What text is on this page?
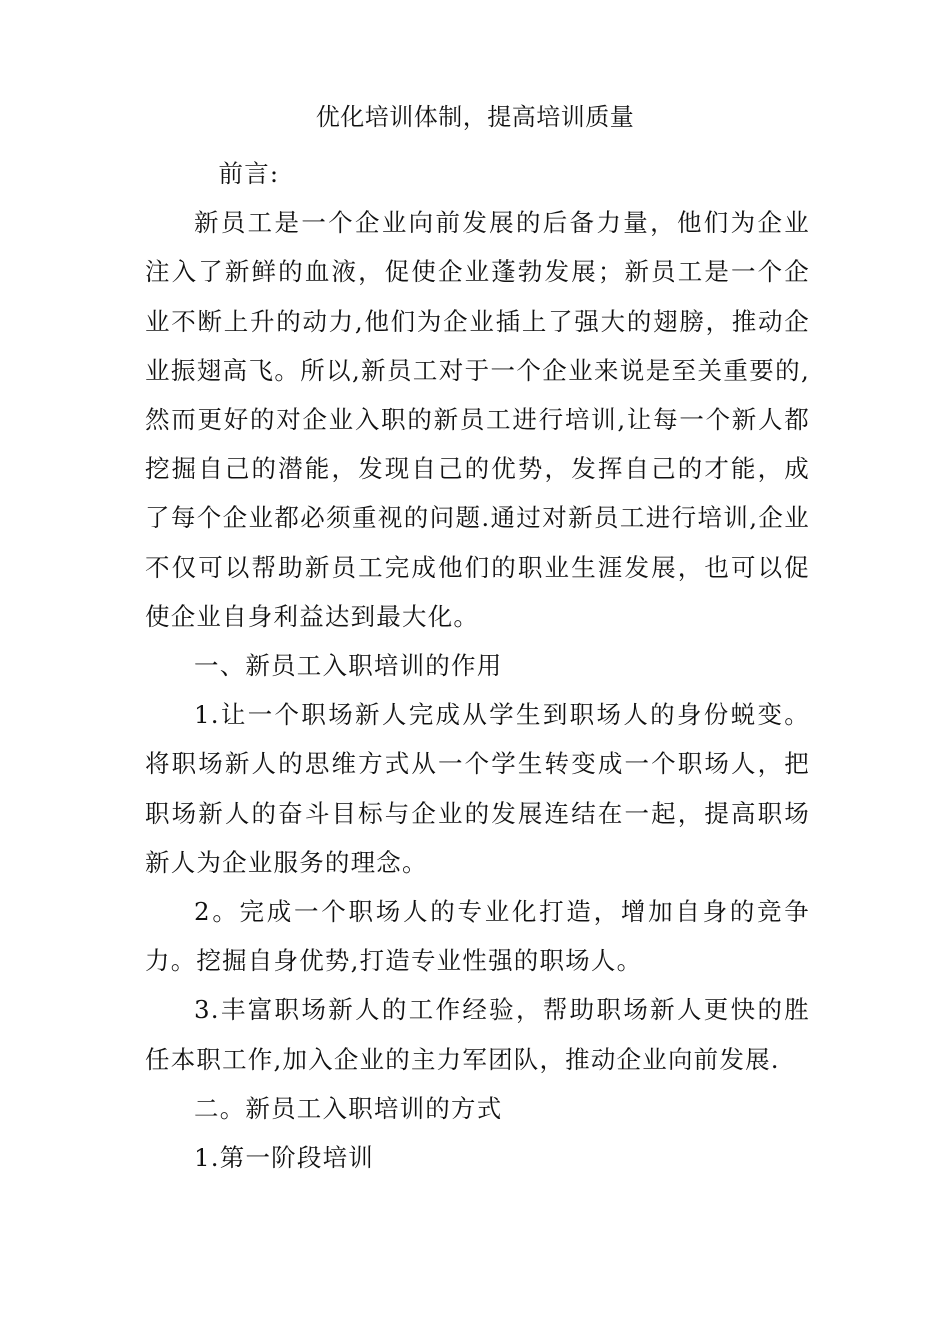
优化培训体制，提高培训质量

前言:

新员工是一个企业向前发展的后备力量，他们为企业注入了新鲜的血液，促使企业蓬勃发展；新员工是一个企业不断上升的动力,他们为企业插上了强大的翅膀，推动企业振翅高飞。所以,新员工对于一个企业来说是至关重要的,然而更好的对企业入职的新员工进行培训,让每一个新人都挖掘自己的潜能，发现自己的优势，发挥自己的才能，成了每个企业都必须重视的问题.通过对新员工进行培训,企业不仅可以帮助新员工完成他们的职业生涯发展，也可以促使企业自身利益达到最大化。

一、新员工入职培训的作用

1.让一个职场新人完成从学生到职场人的身份蜕变。将职场新人的思维方式从一个学生转变成一个职场人，把职场新人的奋斗目标与企业的发展连结在一起，提高职场新人为企业服务的理念。

2。完成一个职场人的专业化打造，增加自身的竞争力。挖掘自身优势,打造专业性强的职场人。

3.丰富职场新人的工作经验，帮助职场新人更快的胜任本职工作,加入企业的主力军团队，推动企业向前发展.

二。新员工入职培训的方式

1.第一阶段培训
